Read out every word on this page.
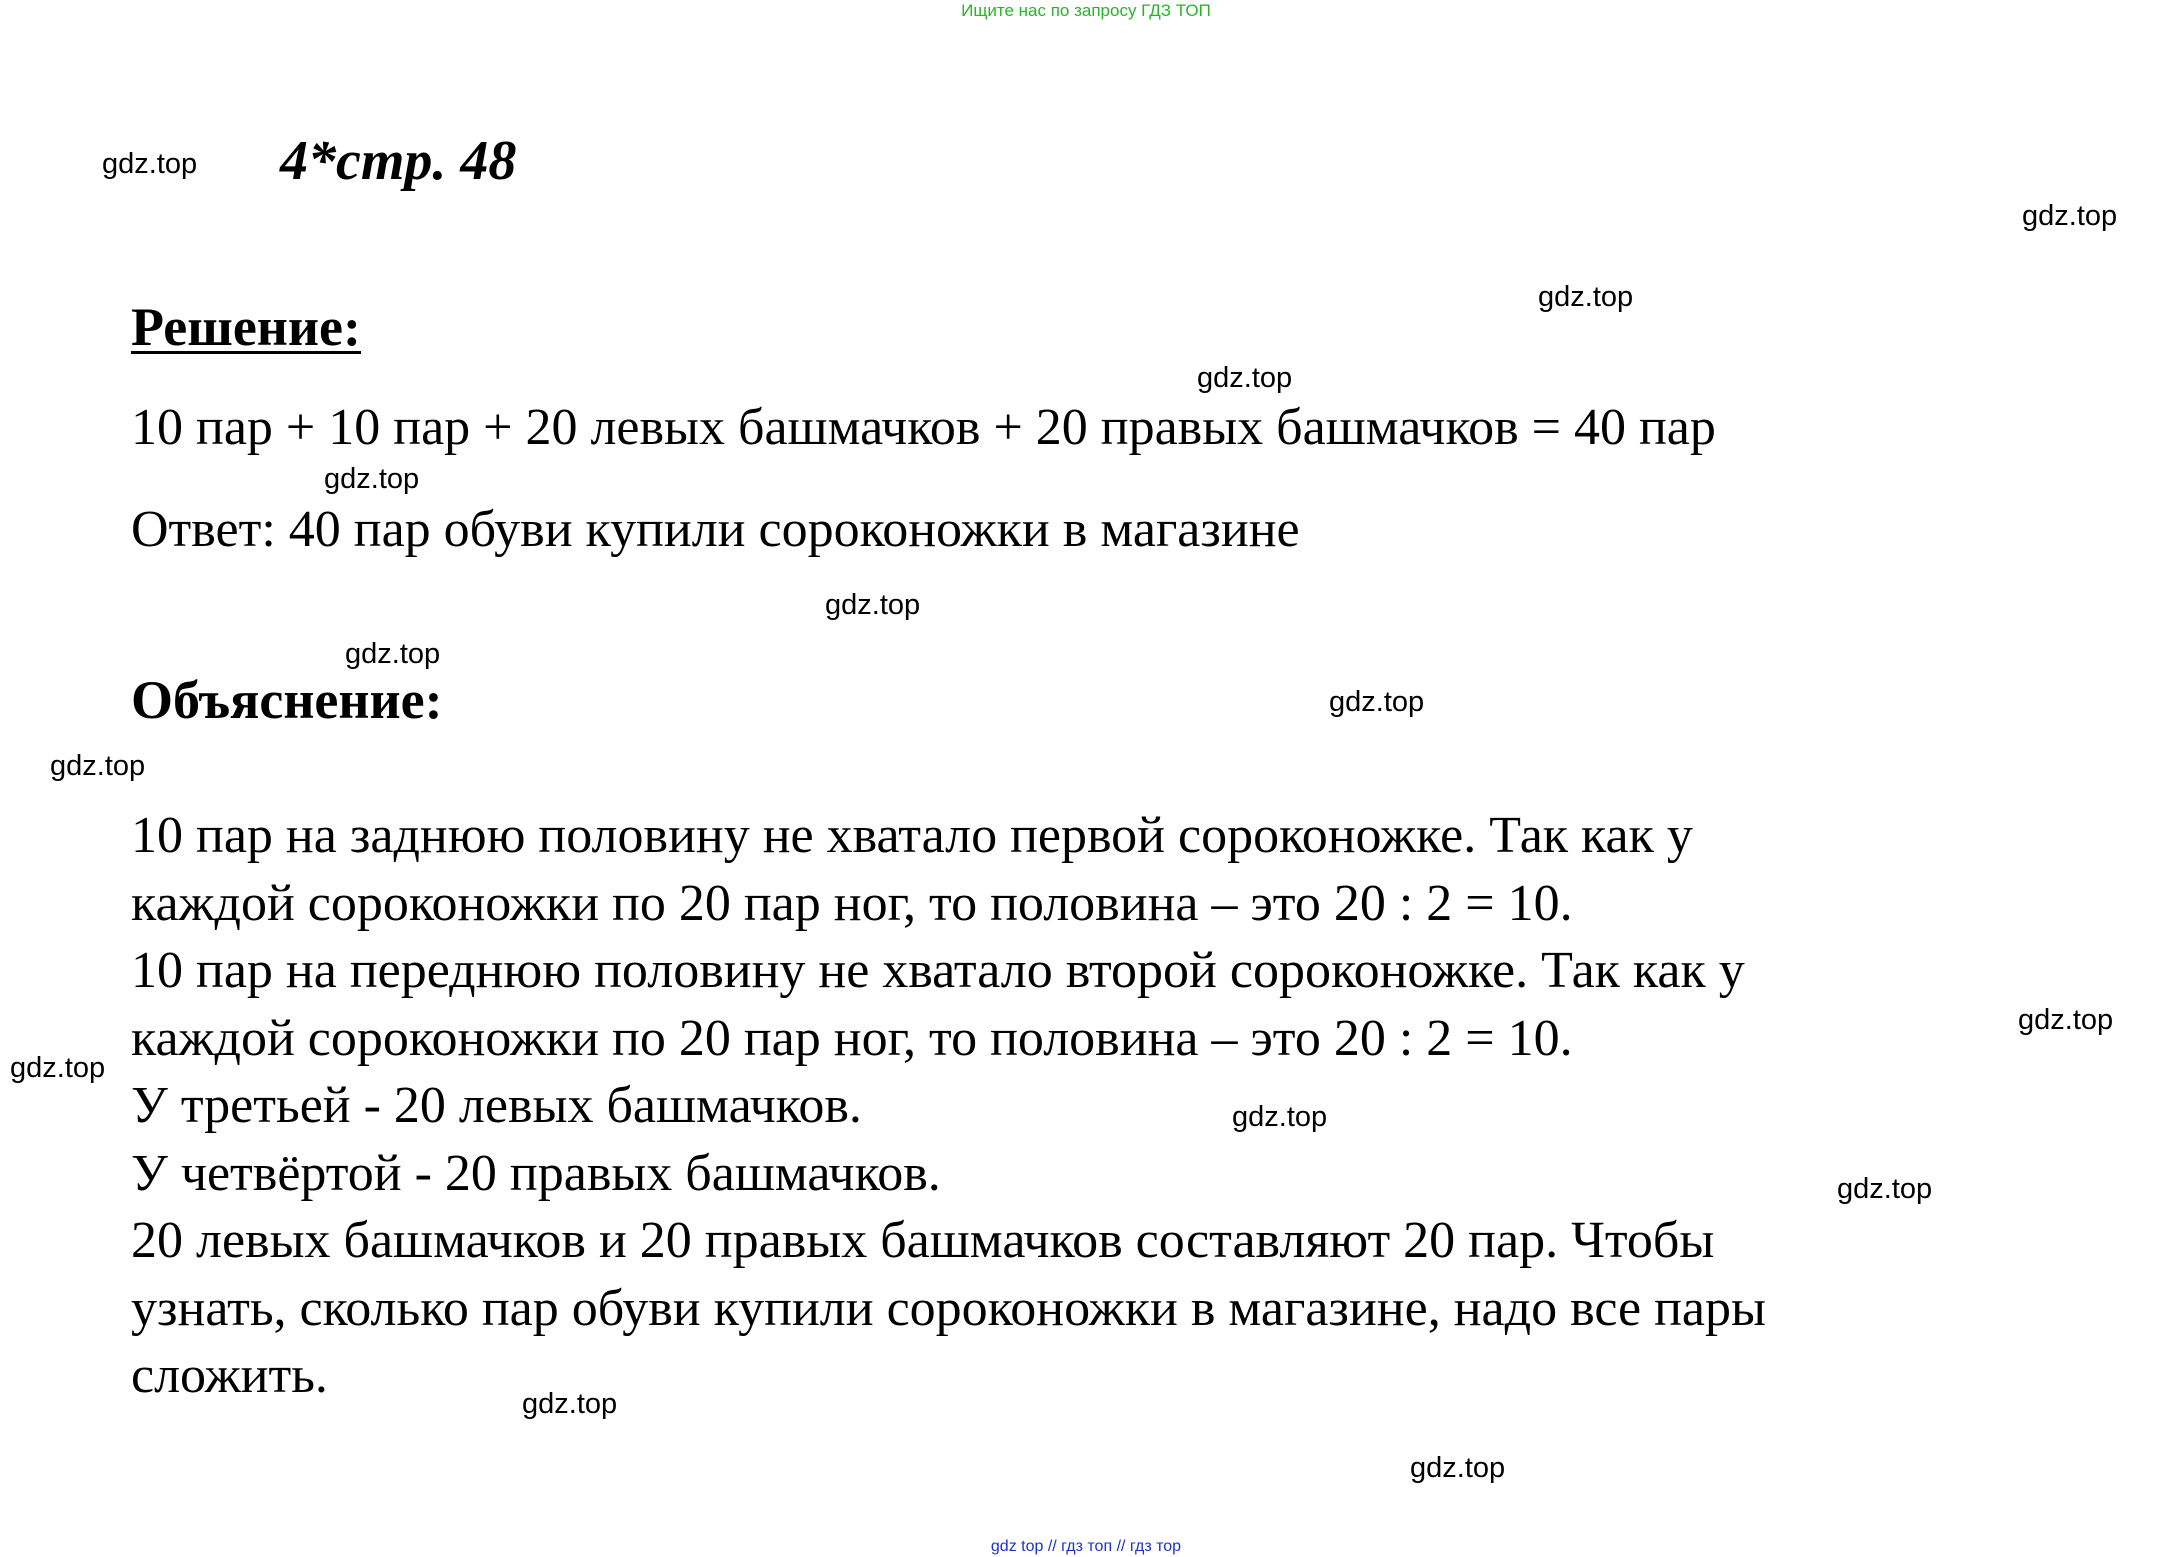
Ищите нас по запросу ГДЗ ТОП
4*стр. 48
Решение:
10 пар + 10 пар + 20 левых башмачков + 20 правых башмачков = 40 пар
Ответ: 40 пар обуви купили сороконожки в магазине
Объяснение:
10 пар на заднюю половину не хватало первой сороконожке. Так как у
каждой сороконожки по 20 пар ног, то половина – это 20 : 2 = 10.
10 пар на переднюю половину не хватало второй сороконожке. Так как у
каждой сороконожки по 20 пар ног, то половина – это 20 : 2 = 10.
У третьей - 20 левых башмачков.
У четвёртой - 20 правых башмачков.
20 левых башмачков и 20 правых башмачков составляют 20 пар. Чтобы
узнать, сколько пар обуви купили сороконожки в магазине, надо все пары
сложить.
gdz.top
gdz.top
gdz.top
gdz.top
gdz.top
gdz.top
gdz.top
gdz.top
gdz.top
gdz.top
gdz.top
gdz.top
gdz.top
gdz.top
gdz.top
gdz top // гдз топ // гдз тор
